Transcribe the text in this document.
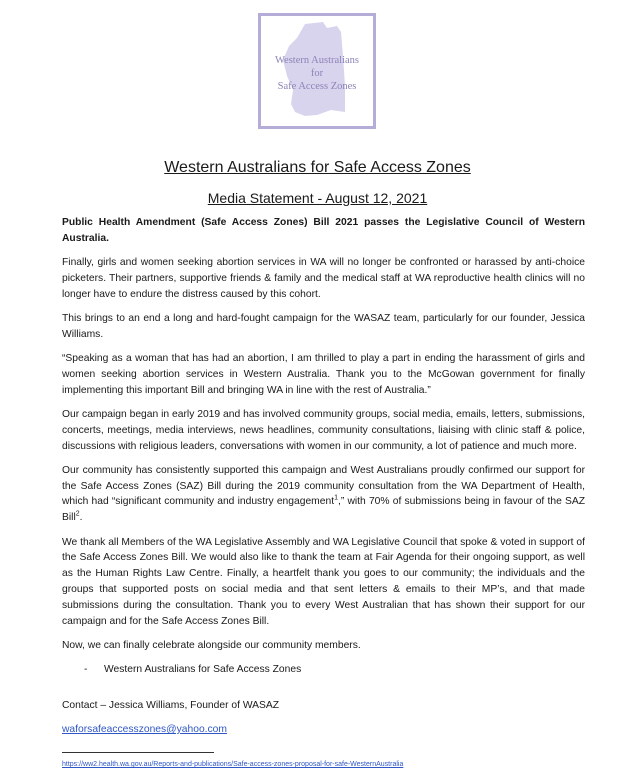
Western Australians
for
Safe Access Zones
Western Australians for Safe Access Zones
Media Statement - August 12, 2021

Public Health Amendment (Safe Access Zones) Bill 2021 passes the Legislative Council of Western Australia.

Finally, girls and women seeking abortion services in WA will no longer be confronted or harassed by anti-choice picketers. Their partners, supportive friends & family and the medical staff at WA reproductive health clinics will no longer have to endure the distress caused by this cohort.

This brings to an end a long and hard-fought campaign for the WASAZ team, particularly for our founder, Jessica Williams.

“Speaking as a woman that has had an abortion, I am thrilled to play a part in ending the harassment of girls and women seeking abortion services in Western Australia. Thank you to the McGowan government for finally implementing this important Bill and bringing WA in line with the rest of Australia.”

Our campaign began in early 2019 and has involved community groups, social media, emails, letters, submissions, concerts, meetings, media interviews, news headlines, community consultations, liaising with clinic staff & police, discussions with religious leaders, conversations with women in our community, a lot of patience and much more.

Our community has consistently supported this campaign and West Australians proudly confirmed our support for the Safe Access Zones (SAZ) Bill during the 2019 community consultation from the WA Department of Health, which had “significant community and industry engagement$^1$,” with 70% of submissions being in favour of the SAZ Bill$^2$.

We thank all Members of the WA Legislative Assembly and WA Legislative Council that spoke & voted in support of the Safe Access Zones Bill. We would also like to thank the team at Fair Agenda for their ongoing support, as well as the Human Rights Law Centre. Finally, a heartfelt thank you goes to our community; the individuals and the groups that supported posts on social media and that sent letters & emails to their MP’s, and that made submissions during the consultation. Thank you to every West Australian that has shown their support for our campaign and for the Safe Access Zones Bill.

Now, we can finally celebrate alongside our community members.

-	Western Australians for Safe Access Zones

Contact – Jessica Williams, Founder of WASAZ

waforsafeaccesszones@yahoo.com

https://ww2.health.wa.gov.au/Reports-and-publications/Safe-access-zones-proposal-for-safe-WesternAustralia
